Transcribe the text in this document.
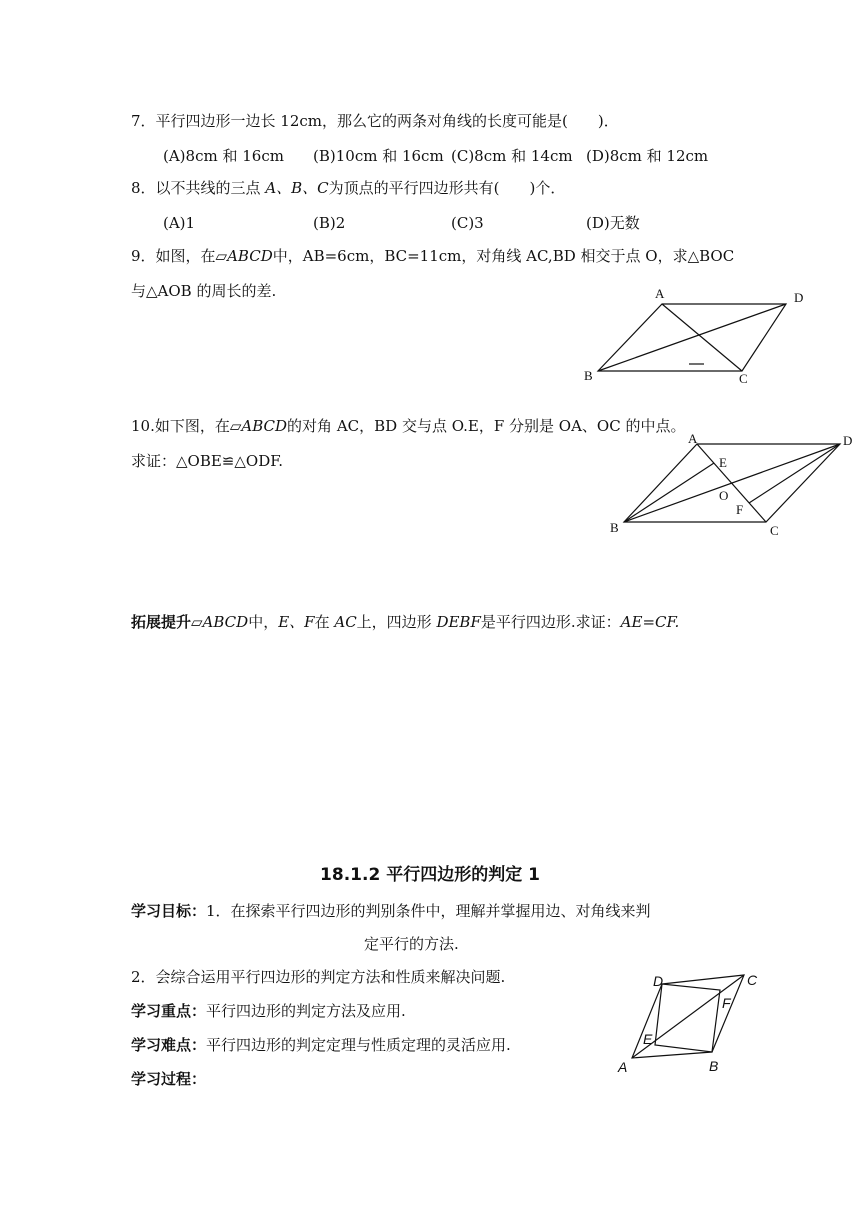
7．平行四边形一边长 12cm，那么它的两条对角线的长度可能是(　　)．
(A)8cm 和 16cm (B)10cm 和 16cm (C)8cm 和 14cm (D)8cm 和 12cm
8．以不共线的三点 A、B、C为顶点的平行四边形共有(　　)个．
(A)1	(B)2	(C)3	(D)无数
9．如图，在▱ABCD中，AB=6cm，BC=11cm，对角线 AC,BD 相交于点 O，求△BOC
与△AOB 的周长的差.	A	D
B	C
10.如下图，在▱ABCD的对角 AC，BD 交与点 O.E，F 分别是 OA、OC 的中点。
求证：△OBE≌△ODF.
A	D
E
O
F
B	C
拓展提升▱ABCD中，E、F在 AC上，四边形 DEBF是平行四边形.求证：AE=CF.
18.1.2 平行四边形的判定 1
学习目标：1．在探索平行四边形的判别条件中，理解并掌握用边、对角线来判
定平行的方法.
2．会综合运用平行四边形的判定方法和性质来解决问题.
学习重点：平行四边形的判定方法及应用.
学习难点：平行四边形的判定定理与性质定理的灵活应用.
学习过程：
D	C
F
E
A	B
